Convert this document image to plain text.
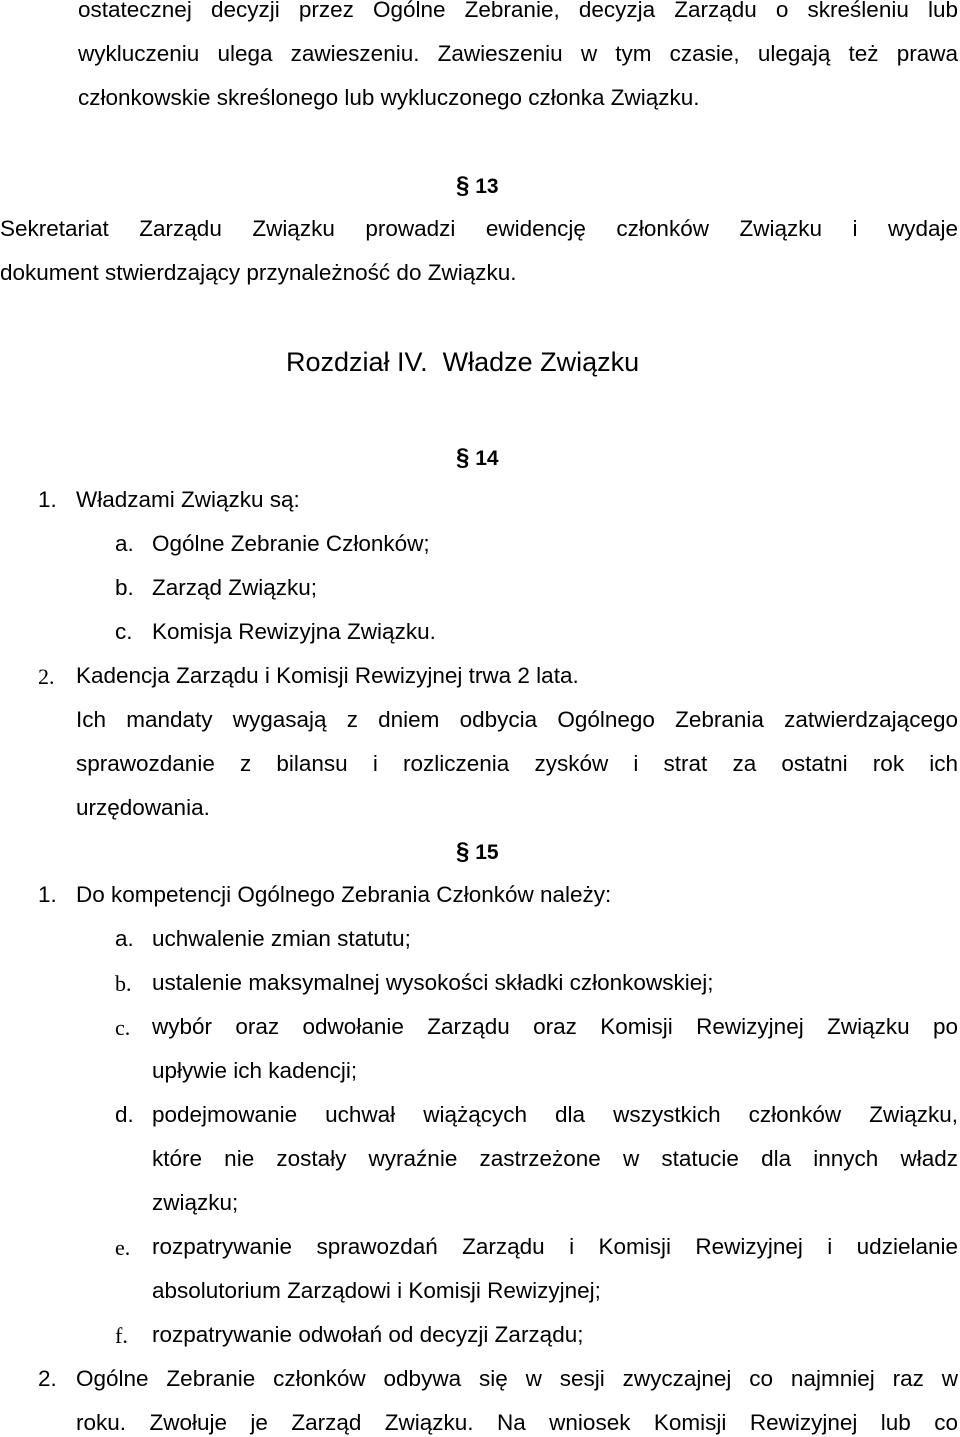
ostatecznej decyzji przez Ogólne Zebranie, decyzja Zarządu o skreśleniu lub
wykluczeniu ulega zawieszeniu. Zawieszeniu w tym czasie, ulegają też prawa
członkowskie skreślonego lub wykluczonego członka Związku.
§ 13
Sekretariat Zarządu Związku prowadzi ewidencję członków Związku i wydaje
dokument stwierdzający przynależność do Związku.
Rozdział IV.  Władze Związku
§ 14
1. Władzami Związku są:
a. Ogólne Zebranie Członków;
b. Zarząd Związku;
c. Komisja Rewizyjna Związku.
2. Kadencja Zarządu i Komisji Rewizyjnej trwa 2 lata.
Ich mandaty wygasają z dniem odbycia Ogólnego Zebrania zatwierdzającego
sprawozdanie z bilansu i rozliczenia zysków i strat za ostatni rok ich
urzędowania.
§ 15
1. Do kompetencji Ogólnego Zebrania Członków należy:
a. uchwalenie zmian statutu;
b. ustalenie maksymalnej wysokości składki członkowskiej;
c. wybór oraz odwołanie Zarządu oraz Komisji Rewizyjnej Związku po
upływie ich kadencji;
d. podejmowanie uchwał wiążących dla wszystkich członków Związku,
które nie zostały wyraźnie zastrzeżone w statucie dla innych władz
związku;
e. rozpatrywanie sprawozdań Zarządu i Komisji Rewizyjnej i udzielanie
absolutorium Zarządowi i Komisji Rewizyjnej;
f. rozpatrywanie odwołań od decyzji Zarządu;
2. Ogólne Zebranie członków odbywa się w sesji zwyczajnej co najmniej raz w
roku. Zwołuje je Zarząd Związku. Na wniosek Komisji Rewizyjnej lub co
